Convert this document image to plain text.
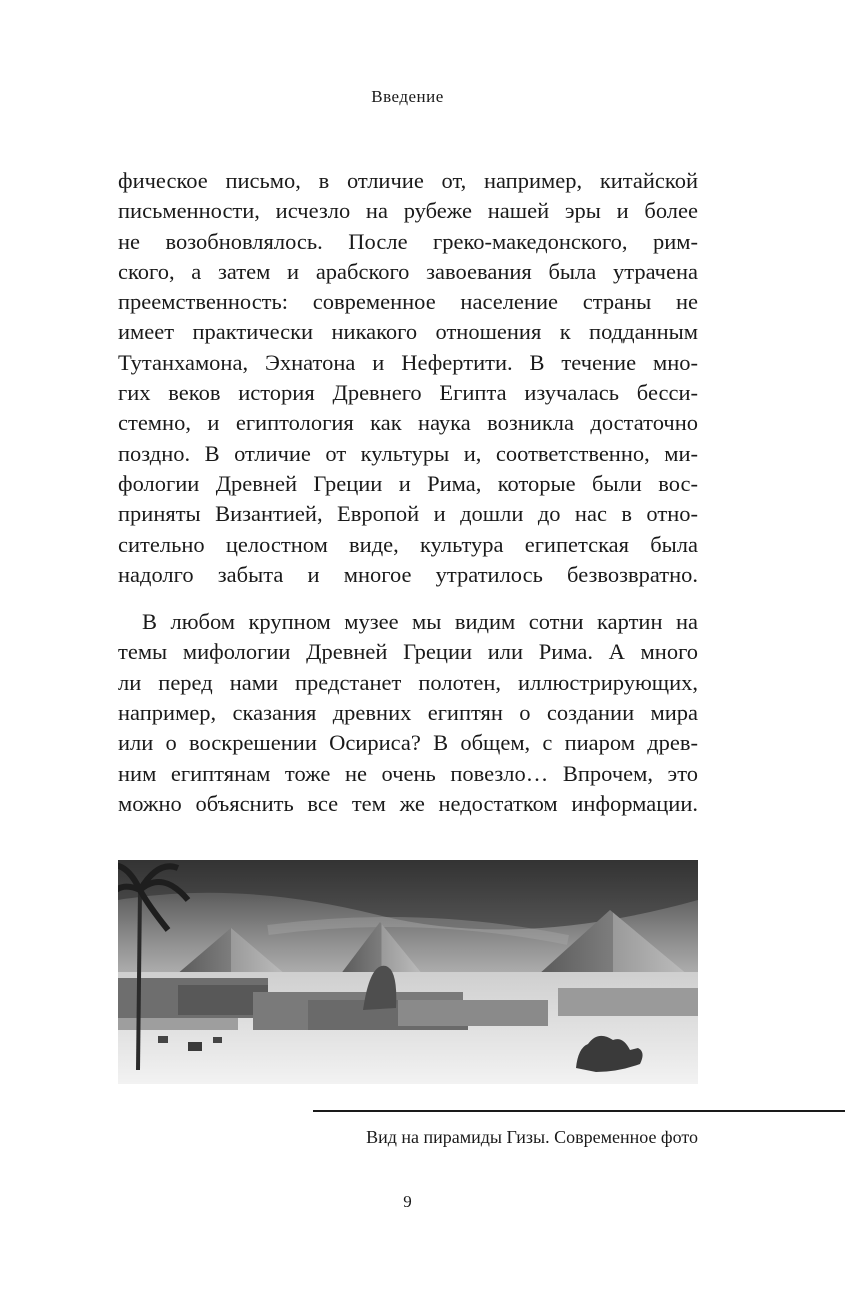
Введение
фическое письмо, в отличие от, например, китайской
письменности, исчезло на рубеже нашей эры и более
не возобновлялось. После греко-македонского, рим-
ского, а затем и арабского завоевания была утрачена
преемственность: современное население страны не
имеет практически никакого отношения к подданным
Тутанхамона, Эхнатона и Нефертити. В течение мно-
гих веков история Древнего Египта изучалась бесси-
стемно, и египтология как наука возникла достаточно
поздно. В отличие от культуры и, соответственно, ми-
фологии Древней Греции и Рима, которые были вос-
приняты Византией, Европой и дошли до нас в отно-
сительно целостном виде, культура египетская была
надолго забыта и многое утратилось безвозвратно.
В любом крупном музее мы видим сотни картин на
темы мифологии Древней Греции или Рима. А много
ли перед нами предстанет полотен, иллюстрирующих,
например, сказания древних египтян о создании мира
или о воскрешении Осириса? В общем, с пиаром древ-
ним египтянам тоже не очень повезло… Впрочем, это
можно объяснить все тем же недостатком информации.
Вид на пирамиды Гизы. Современное фото
9
